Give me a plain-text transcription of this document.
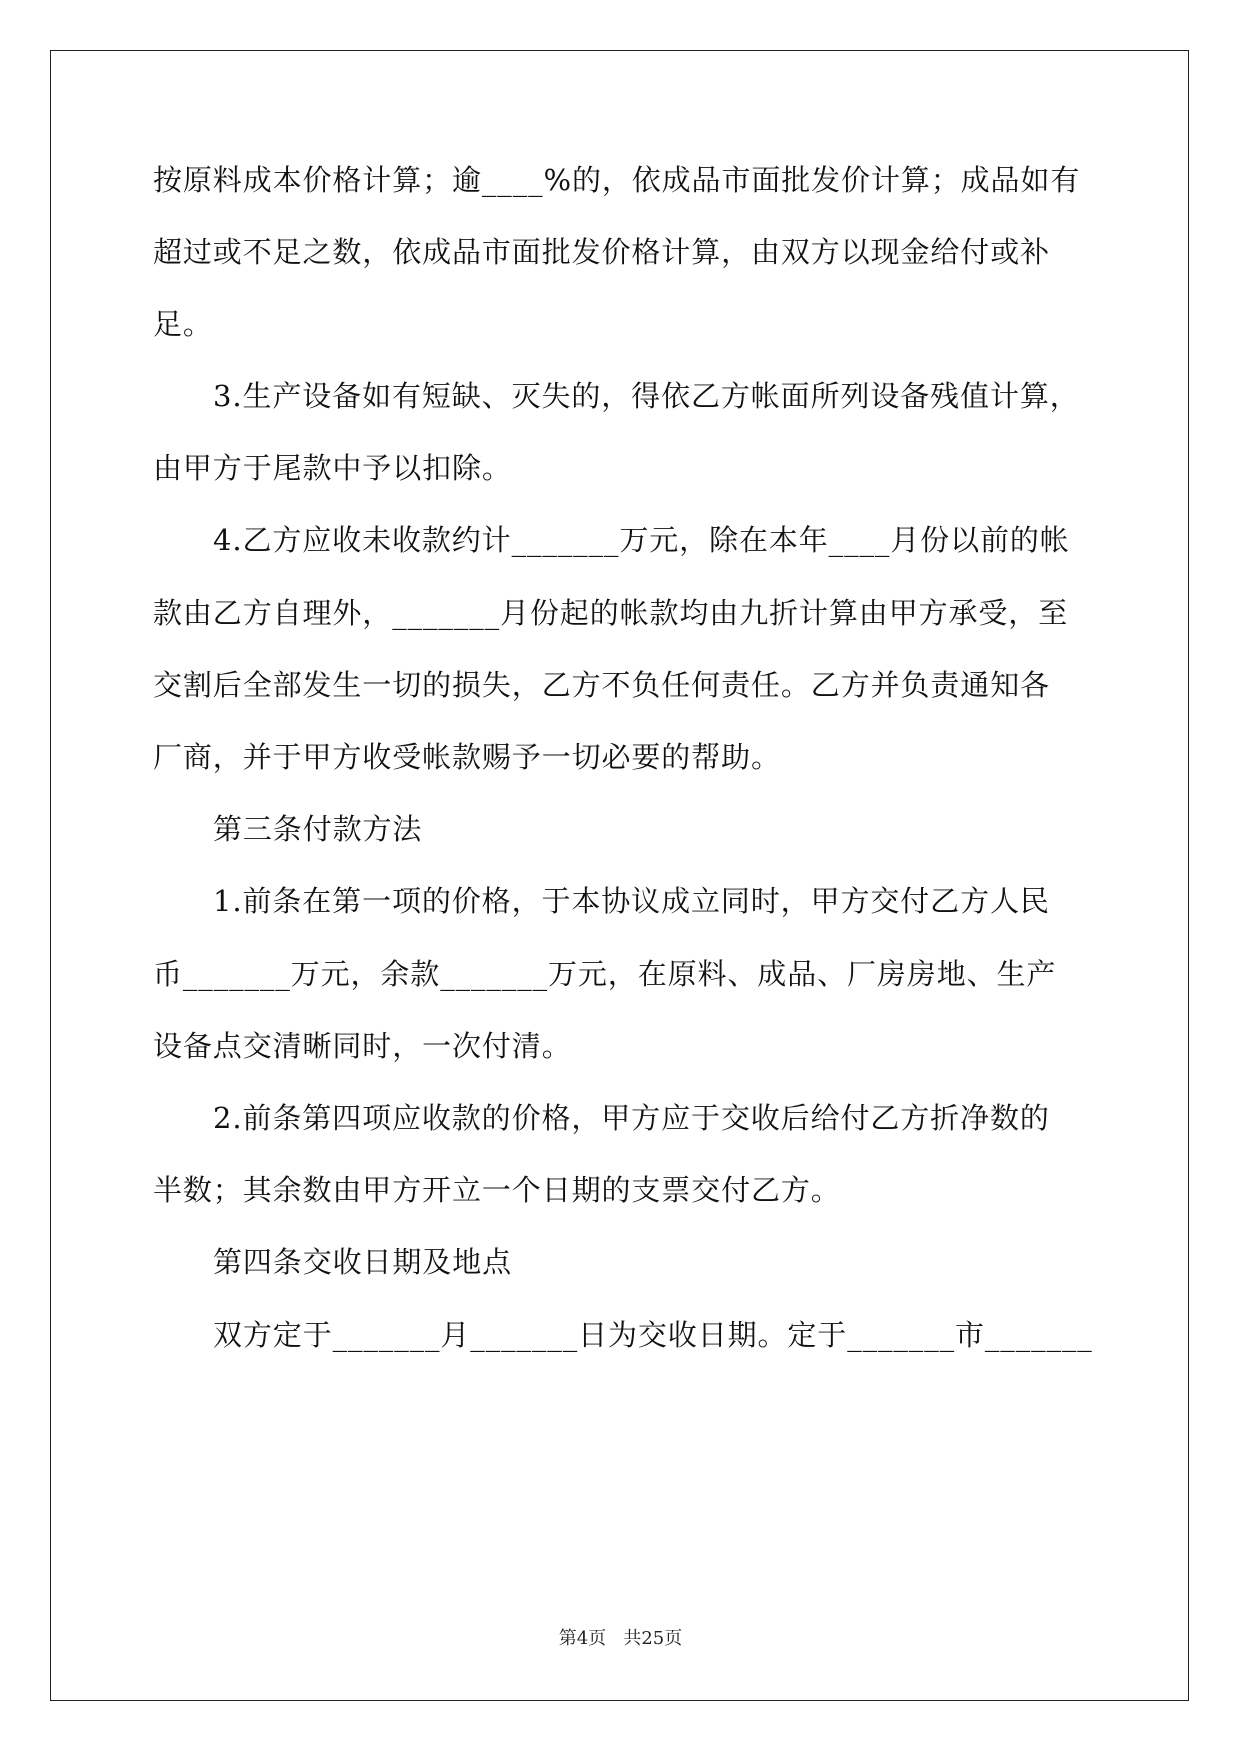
按原料成本价格计算；逾____%的，依成品市面批发价计算；成品如有
超过或不足之数，依成品市面批发价格计算，由双方以现金给付或补
足。
3.生产设备如有短缺、灭失的，得依乙方帐面所列设备残值计算，
由甲方于尾款中予以扣除。
4.乙方应收未收款约计_______万元，除在本年____月份以前的帐
款由乙方自理外，_______月份起的帐款均由九折计算由甲方承受，至
交割后全部发生一切的损失，乙方不负任何责任。乙方并负责通知各
厂商，并于甲方收受帐款赐予一切必要的帮助。
第三条付款方法
1.前条在第一项的价格，于本协议成立同时，甲方交付乙方人民
币_______万元，余款_______万元，在原料、成品、厂房房地、生产
设备点交清晰同时，一次付清。
2.前条第四项应收款的价格，甲方应于交收后给付乙方折净数的
半数；其余数由甲方开立一个日期的支票交付乙方。
第四条交收日期及地点
双方定于_______月_______日为交收日期。定于_______市_______
第4页 共25页
